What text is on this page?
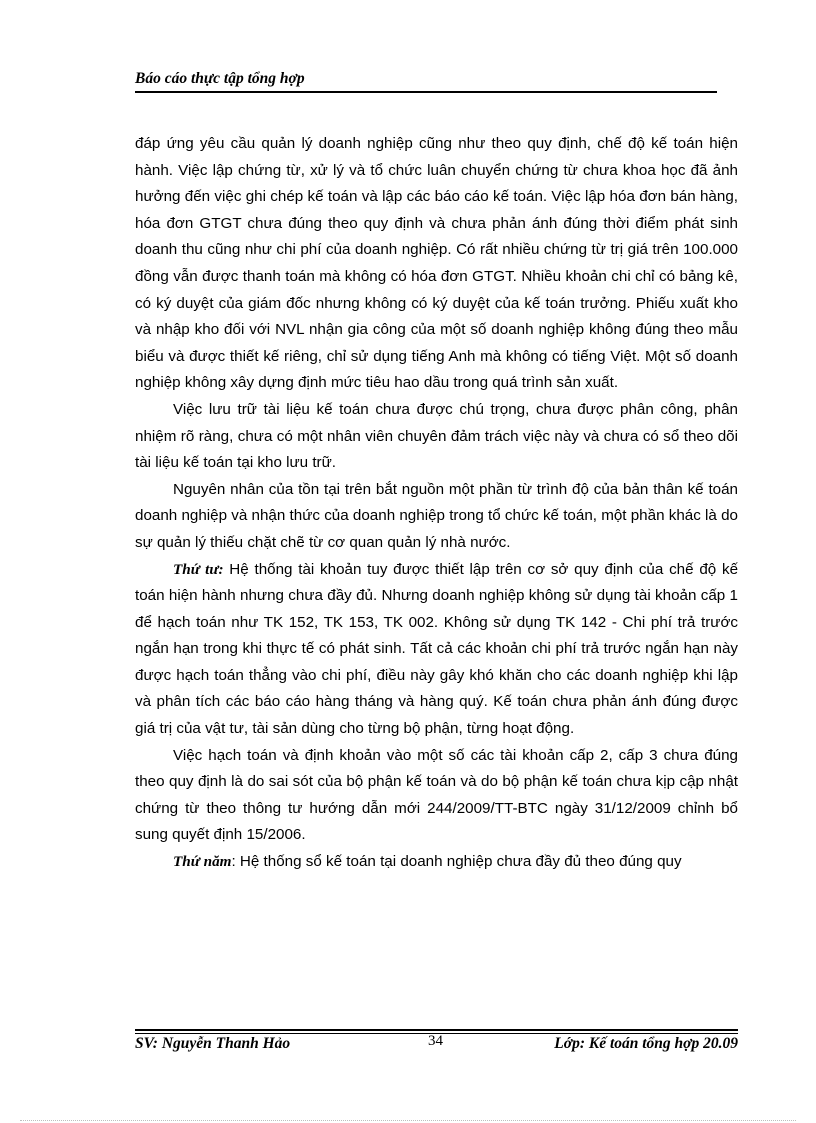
Báo cáo thực tập tổng hợp

đáp ứng yêu cầu quản lý doanh nghiệp cũng như theo quy định, chế độ kế toán hiện hành. Việc lập chứng từ, xử lý và tổ chức luân chuyển chứng từ chưa khoa học đã ảnh hưởng đến việc ghi chép kế toán và lập các báo cáo kế toán. Việc lập hóa đơn bán hàng, hóa đơn GTGT chưa đúng theo quy định và chưa phản ánh đúng thời điểm phát sinh doanh thu cũng như chi phí của doanh nghiệp. Có rất nhiều chứng từ trị giá trên 100.000 đồng vẫn được thanh toán mà không có hóa đơn GTGT. Nhiều khoản chi chỉ có bảng kê, có ký duyệt của giám đốc nhưng không có ký duyệt của kế toán trưởng. Phiếu xuất kho và nhập kho đối với NVL nhận gia công của một số doanh nghiệp không đúng theo mẫu biểu và được thiết kế riêng, chỉ sử dụng tiếng Anh mà không có tiếng Việt. Một số doanh nghiệp không xây dựng định mức tiêu hao dầu trong quá trình sản xuất.

Việc lưu trữ tài liệu kế toán chưa được chú trọng, chưa được phân công, phân nhiệm rõ ràng, chưa có một nhân viên chuyên đảm trách việc này và chưa có sổ theo dõi tài liệu kế toán tại kho lưu trữ.

Nguyên nhân của tồn tại trên bắt nguồn một phần từ trình độ của bản thân kế toán doanh nghiệp và nhận thức của doanh nghiệp trong tổ chức kế toán, một phần khác là do sự quản lý thiếu chặt chẽ từ cơ quan quản lý nhà nước.

Thứ tư: Hệ thống tài khoản tuy được thiết lập trên cơ sở quy định của chế độ kế toán hiện hành nhưng chưa đầy đủ. Nhưng doanh nghiệp không sử dụng tài khoản cấp 1 để hạch toán như TK 152, TK 153, TK 002. Không sử dụng TK 142 - Chi phí trả trước ngắn hạn trong khi thực tế có phát sinh. Tất cả các khoản chi phí trả trước ngắn hạn này được hạch toán thẳng vào chi phí, điều này gây khó khăn cho các doanh nghiệp khi lập và phân tích các báo cáo hàng tháng và hàng quý. Kế toán chưa phản ánh đúng được giá trị của vật tư, tài sản dùng cho từng bộ phận, từng hoạt động.

Việc hạch toán và định khoản vào một số các tài khoản cấp 2, cấp 3 chưa đúng theo quy định là do sai sót của bộ phận kế toán và do bộ phận kế toán chưa kịp cập nhật chứng từ theo thông tư hướng dẫn mới 244/2009/TT-BTC ngày 31/12/2009 chỉnh bổ sung quyết định 15/2006.

Thứ năm: Hệ thống sổ kế toán tại doanh nghiệp chưa đầy đủ theo đúng quy

SV: Nguyễn Thanh Hảo	34	Lớp: Kế toán tổng hợp 20.09
